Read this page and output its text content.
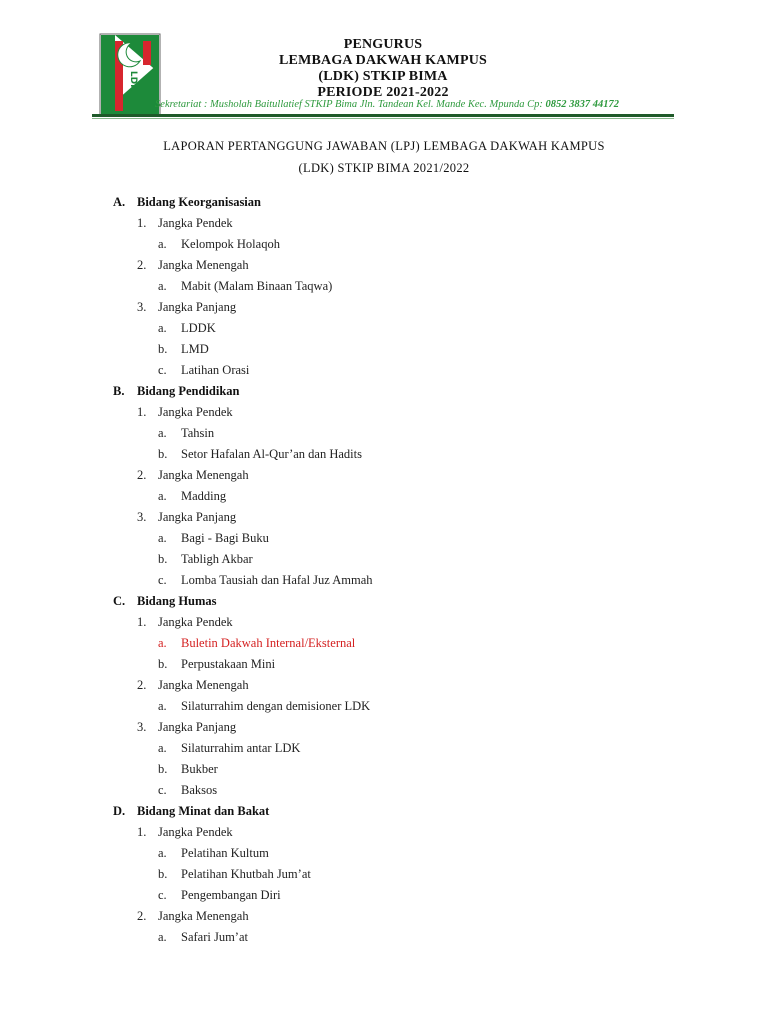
LDK
PENGURUS
LEMBAGA DAKWAH KAMPUS
(LDK) STKIP BIMA
PERIODE 2021-2022
Sekretariat : Musholah Baitullatief STKIP Bima Jln. Tandean Kel. Mande Kec. Mpunda Cp: 0852 3837 44172
LAPORAN PERTANGGUNG JAWABAN (LPJ) LEMBAGA DAKWAH KAMPUS
(LDK) STKIP BIMA 2021/2022
A. Bidang Keorganisasian
1. Jangka Pendek
a. Kelompok Holaqoh
2. Jangka Menengah
a. Mabit (Malam Binaan Taqwa)
3. Jangka Panjang
a. LDDK
b. LMD
c. Latihan Orasi
B. Bidang Pendidikan
1. Jangka Pendek
a. Tahsin
b. Setor Hafalan Al-Qur’an dan Hadits
2. Jangka Menengah
a. Madding
3. Jangka Panjang
a. Bagi - Bagi Buku
b. Tabligh Akbar
c. Lomba Tausiah dan Hafal Juz Ammah
C. Bidang Humas
1. Jangka Pendek
a. Buletin Dakwah Internal/Eksternal
b. Perpustakaan Mini
2. Jangka Menengah
a. Silaturrahim dengan demisioner LDK
3. Jangka Panjang
a. Silaturrahim antar LDK
b. Bukber
c. Baksos
D. Bidang Minat dan Bakat
1. Jangka Pendek
a. Pelatihan Kultum
b. Pelatihan Khutbah Jum’at
c. Pengembangan Diri
2. Jangka Menengah
a. Safari Jum’at
